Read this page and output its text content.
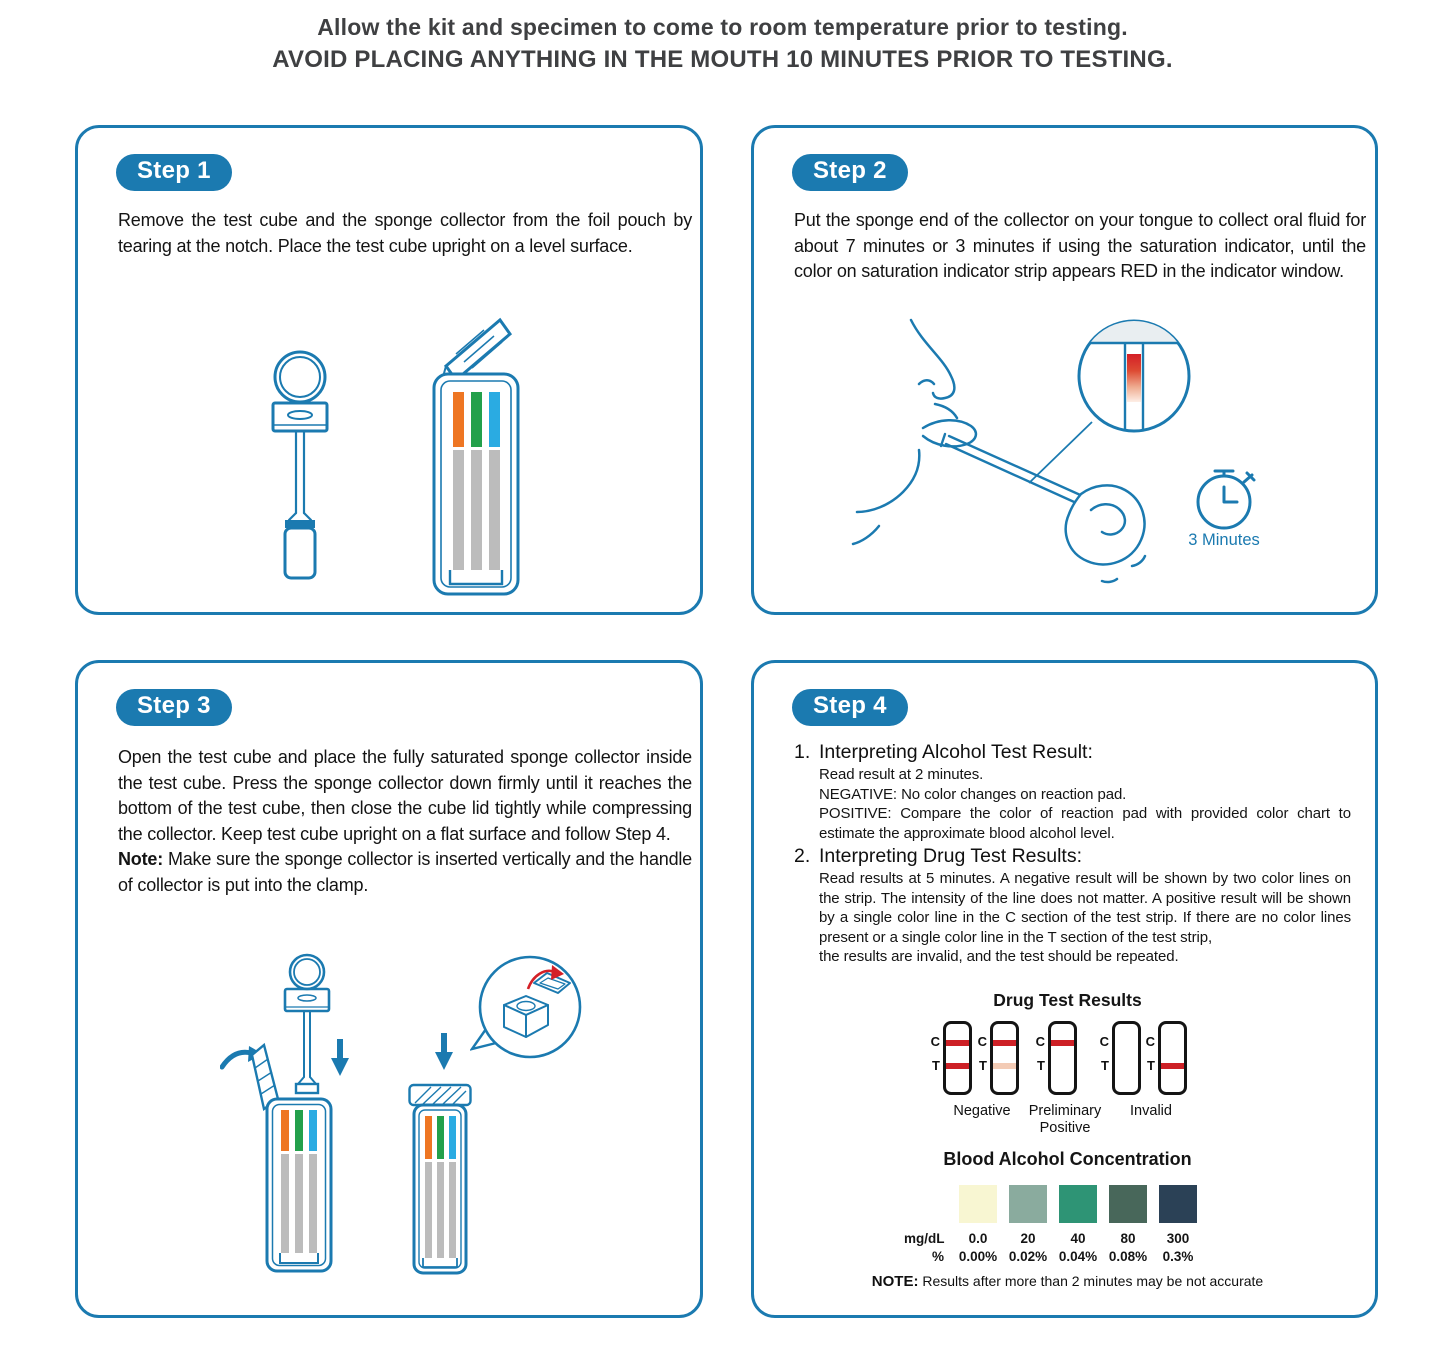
Allow the kit and specimen to come to room temperature prior to testing.
AVOID PLACING ANYTHING IN THE MOUTH 10 MINUTES PRIOR TO TESTING.
Step 1

Remove the test cube and the sponge collector from the foil pouch by tearing at the notch. Place the test cube upright on a level surface.

Step 2

Put the sponge end of the collector on your tongue to collect oral fluid for about 7 minutes or 3 minutes if using the saturation indicator, until the color on saturation indicator strip appears RED in the indicator window.

3 Minutes
Step 3

Open the test cube and place the fully saturated sponge collector inside the test cube. Press the sponge collector down firmly until it reaches the bottom of the test cube, then close the cube lid tightly while compressing the collector. Keep test cube upright on a flat surface and follow Step 4.
Note: Make sure the sponge collector is inserted vertically and the handle of collector is put into the clamp.

Step 4
1. Interpreting Alcohol Test Result:
Read result at 2 minutes.
NEGATIVE: No color changes on reaction pad.
POSITIVE: Compare the color of reaction pad with provided color chart to estimate the approximate blood alcohol level.
2. Interpreting Drug Test Results:
Read results at 5 minutes. A negative result will be shown by two color lines on the strip. The intensity of the line does not matter. A positive result will be shown by a single color line in the C section of the test strip. If there are no color lines present or a single color line in the T section of the test strip,
the results are invalid, and the test should be repeated.
Drug Test Results
C
T
C
T
C
T
C
T
C
T
Negative	Preliminary Positive
Invalid
Blood Alcohol Concentration
mg/dL
%
0.0
0.00%
20
0.02%
40
0.04%
80
0.08%
300
0.3%
NOTE: Results after more than 2 minutes may be not accurate
